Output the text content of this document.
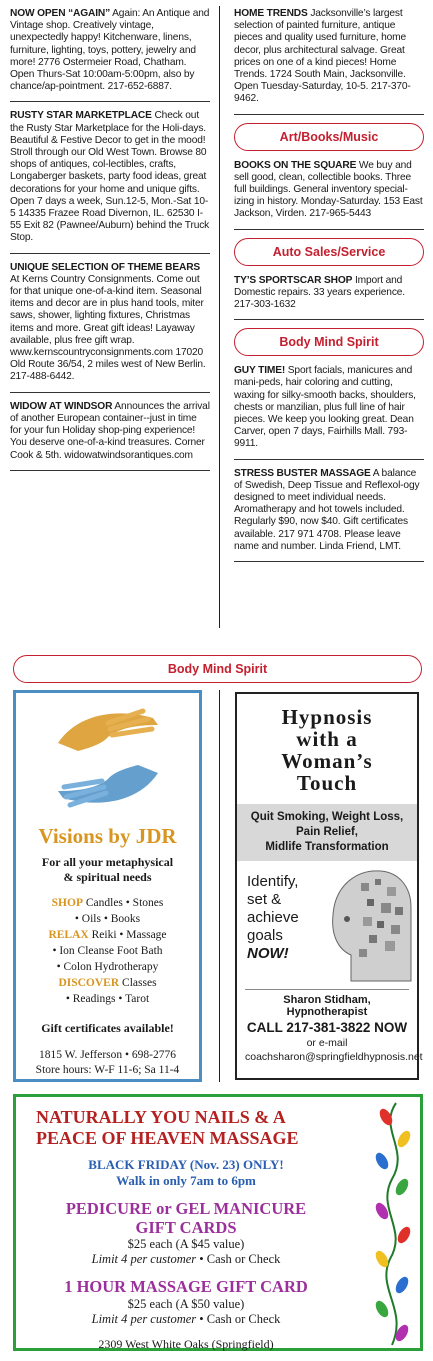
NOW OPEN “AGAIN” Again: An Antique and Vintage shop. Creatively vintage, unexpectedly happy! Kitchenware, linens, furniture, lighting, toys, pottery, jewelry and more! 2776 Ostermeier Road, Chatham. Open Thurs-Sat 10:00am-5:00pm, also by chance/ap-pointment. 217-652-6887.

RUSTY STAR MARKETPLACE Check out the Rusty Star Marketplace for the Holi-days. Beautiful & Festive Decor to get in the mood! Stroll through our Old West Town. Browse 80 shops of antiques, col-lectibles, crafts, Longaberger baskets, party food ideas, great decorations for your home and unique gifts. Open 7 days a week, Sun.12-5, Mon.-Sat 10-5 14335 Frazee Road Divernon, IL. 62530 I-55 Exit 82 (Pawnee/Auburn) behind the Truck Stop.

UNIQUE SELECTION OF THEME BEARS At Kerns Country Consignments. Come out for that unique one-of-a-kind item. Seasonal items and decor are in plus hand tools, miter saws, shower, lighting fixtures, Christmas items and more. Great gift ideas! Layaway available, plus free gift wrap. www.kernscountryconsignments.com 17020 Old Route 36/54, 2 miles west of New Berlin. 217-488-6442.

WIDOW AT WINDSOR Announces the arrival of another European container--just in time for your fun Holiday shop-ping experience! You deserve one-of-a-kind treasures. Corner Cook & 5th. widowatwindsorantiques.com

HOME TRENDS Jacksonville’s largest selection of painted furniture, antique pieces and quality used furniture, home decor, plus architectural salvage. Great prices on one of a kind pieces! Home Trends. 1724 South Main, Jacksonville. Open Tuesday-Saturday, 10-5. 217-370-9462.

Art/Books/Music

BOOKS ON THE SQUARE We buy and sell good, clean, collectible books. Three full buildings. General inventory special-izing in history. Monday-Saturday. 153 East Jackson, Virden. 217-965-5443

Auto Sales/Service

TY’S SPORTSCAR SHOP Import and Domestic repairs. 33 years experience. 217-303-1632

Body Mind Spirit

GUY TIME! Sport facials, manicures and mani-peds, hair coloring and cutting, waxing for silky-smooth backs, shoulders, chests or manzilian, plus full line of hair pieces. We keep you looking great. Dean Carver, open 7 days, Fairhills Mall. 793-9911.

STRESS BUSTER MASSAGE A balance of Swedish, Deep Tissue and Reflexol-ogy designed to meet individual needs. Aromatherapy and hot towels included. Regularly $90, now $40. Gift certificates available. 217 971 4708. Please leave name and number. Linda Friend, LMT.

Body Mind Spirit
Visions by JDR
For all your metaphysical
& spiritual needs
SHOP Candles • Stones
• Oils • Books
RELAX Reiki • Massage
• Ion Cleanse Foot Bath
• Colon Hydrotherapy
DISCOVER Classes
• Readings • Tarot
Gift certificates available!
1815 W. Jefferson • 698-2776
Store hours: W-F 11-6; Sa 11-4
Hypnosis
with a
Woman’s
Touch
Quit Smoking, Weight Loss,
Pain Relief,
Midlife Transformation
Identify,
set &
achieve
goals
NOW!
Sharon Stidham, Hypnotherapist
CALL 217-381-3822 NOW
or e-mail
coachsharon@springfieldhypnosis.net
NATURALLY YOU NAILS & A
PEACE OF HEAVEN MASSAGE
BLACK FRIDAY (Nov. 23) ONLY!
Walk in only 7am to 6pm
PEDICURE or GEL MANICURE
GIFT CARDS
$25 each (A $45 value)
Limit 4 per customer • Cash or Check
1 HOUR MASSAGE GIFT CARD
$25 each (A $50 value)
Limit 4 per customer • Cash or Check
2309 West White Oaks (Springfield)
